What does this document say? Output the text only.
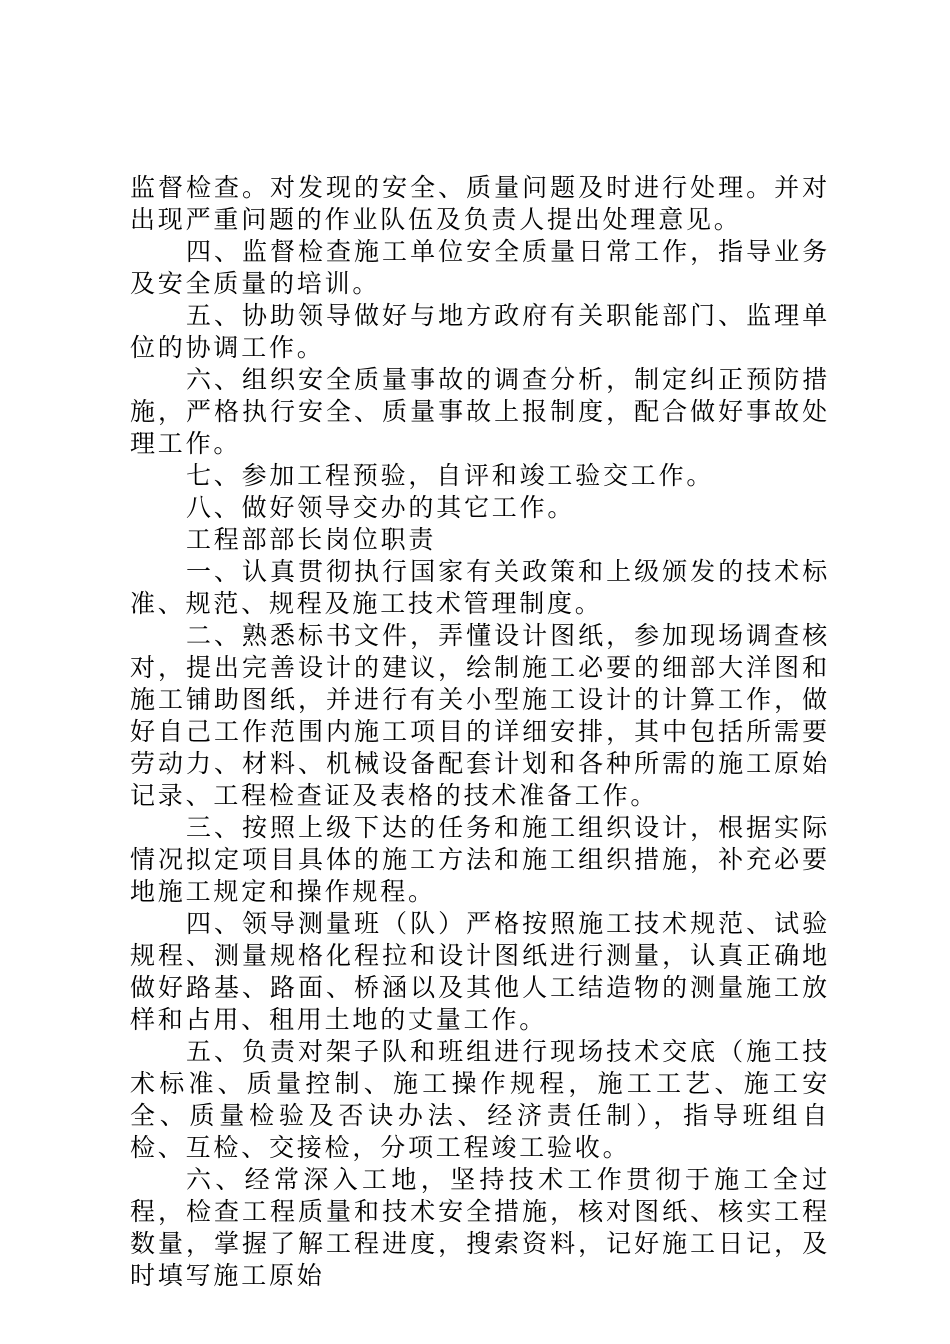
监督检查。对发现的安全、质量问题及时进行处理。并对出现严重问题的作业队伍及负责人提出处理意见。

四、监督检查施工单位安全质量日常工作，指导业务及安全质量的培训。

五、协助领导做好与地方政府有关职能部门、监理单位的协调工作。

六、组织安全质量事故的调查分析，制定纠正预防措施，严格执行安全、质量事故上报制度，配合做好事故处理工作。

七、参加工程预验，自评和竣工验交工作。

八、做好领导交办的其它工作。

工程部部长岗位职责

一、认真贯彻执行国家有关政策和上级颁发的技术标准、规范、规程及施工技术管理制度。

二、熟悉标书文件，弄懂设计图纸，参加现场调查核对，提出完善设计的建议，绘制施工必要的细部大洋图和施工铺助图纸，并进行有关小型施工设计的计算工作，做好自己工作范围内施工项目的详细安排，其中包括所需要劳动力、材料、机械设备配套计划和各种所需的施工原始记录、工程检查证及表格的技术准备工作。

三、按照上级下达的任务和施工组织设计，根据实际情况拟定项目具体的施工方法和施工组织措施，补充必要地施工规定和操作规程。

四、领导测量班（队）严格按照施工技术规范、试验规程、测量规格化程拉和设计图纸进行测量，认真正确地做好路基、路面、桥涵以及其他人工结造物的测量施工放样和占用、租用土地的丈量工作。

五、负责对架子队和班组进行现场技术交底（施工技术标准、质量控制、施工操作规程，施工工艺、施工安全、质量检验及否诀办法、经济责任制），指导班组自检、互检、交接检，分项工程竣工验收。

六、经常深入工地，坚持技术工作贯彻于施工全过程，检查工程质量和技术安全措施，核对图纸、核实工程数量，掌握了解工程进度，搜索资料，记好施工日记，及时填写施工原始
